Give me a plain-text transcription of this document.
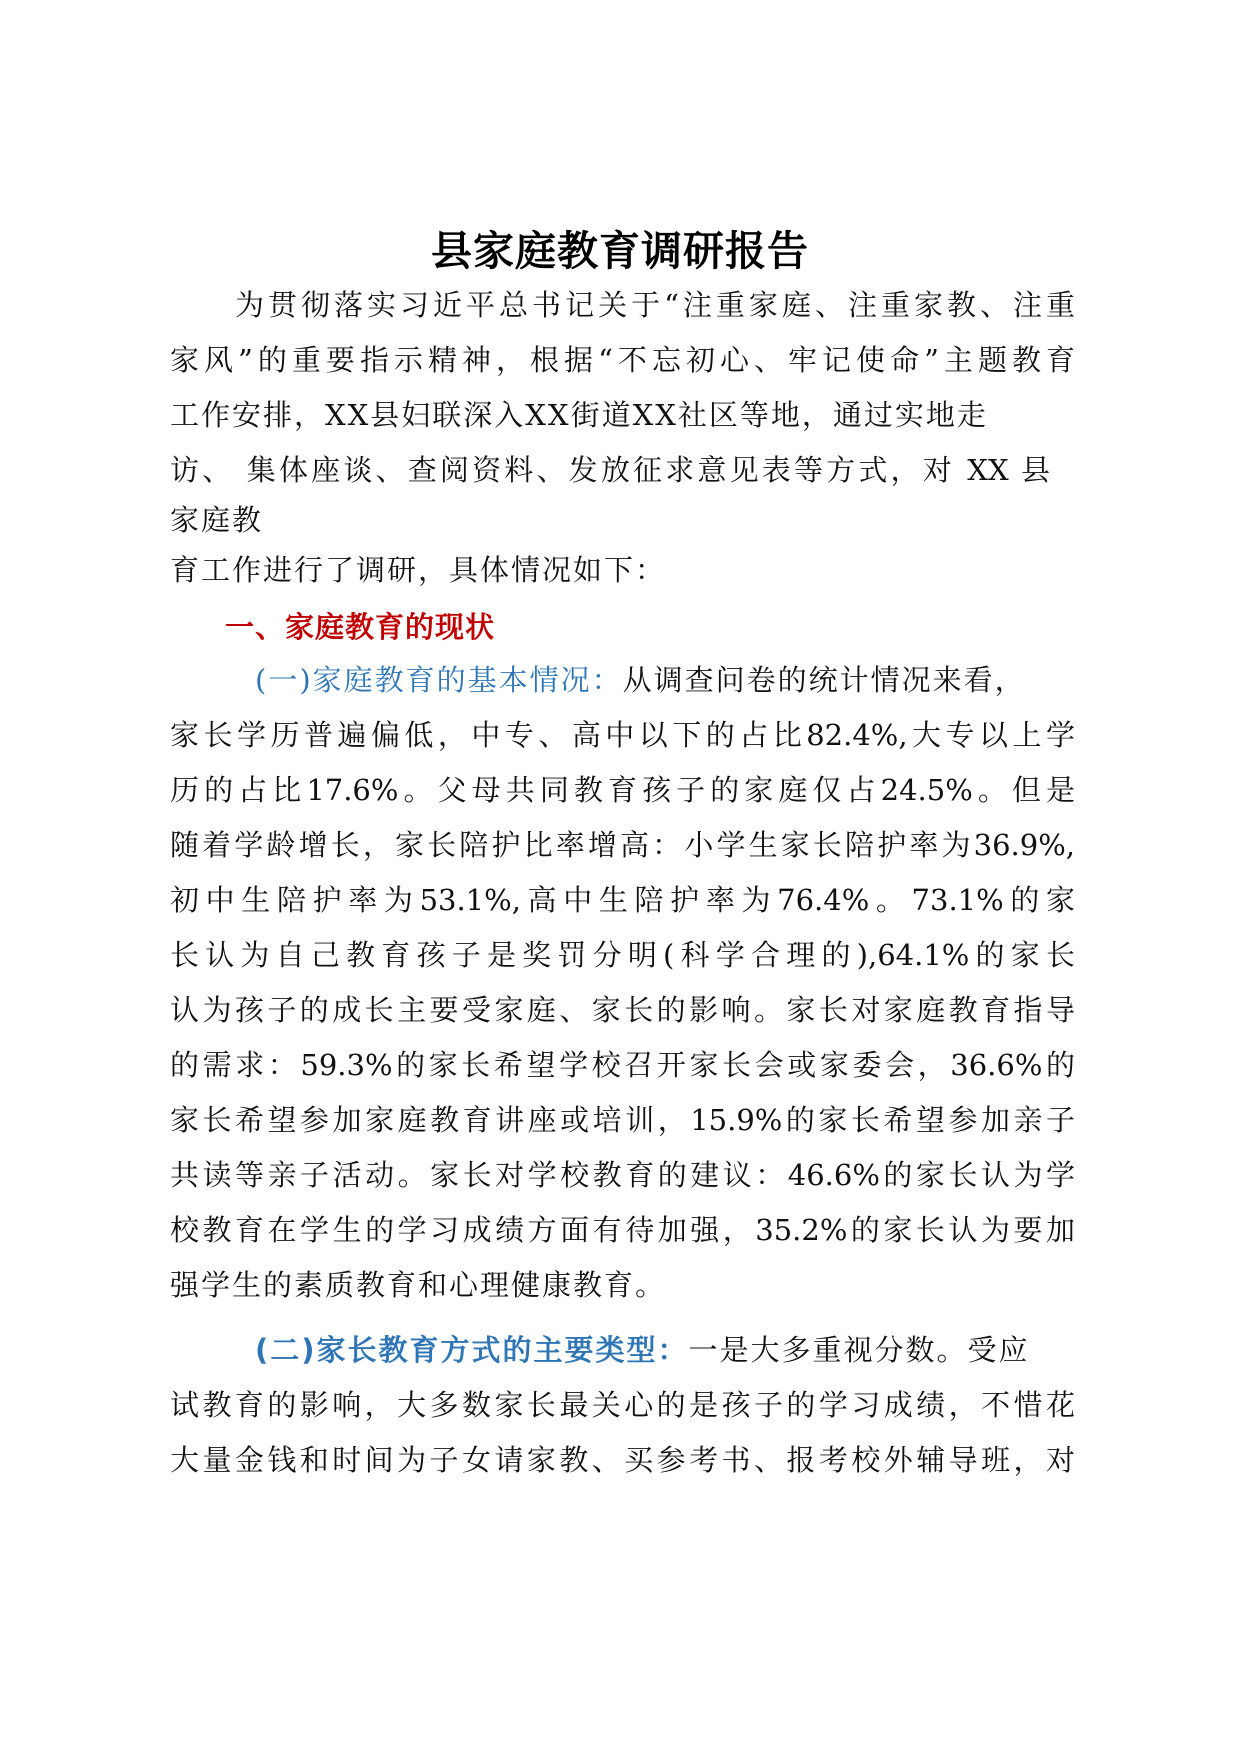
县家庭教育调研报告
为贯彻落实习近平总书记关于“注重家庭、注重家教、注重
家风”的重要指示精神，根据“不忘初心、牢记使命”主题教育
工作安排，XX县妇联深入XX街道XX社区等地，通过实地走
访、 集体座谈、查阅资料、发放征求意见表等方式，对 XX 县
家庭教
育工作进行了调研，具体情况如下：
一、家庭教育的现状
(一)家庭教育的基本情况：从调查问卷的统计情况来看，
家长学历普遍偏低，中专、高中以下的占比82.4%,大专以上学
历的占比17.6%。父母共同教育孩子的家庭仅占24.5%。但是
随着学龄增长，家长陪护比率增高：小学生家长陪护率为36.9%,
初中生陪护率为53.1%,高中生陪护率为76.4%。73.1%的家
长认为自己教育孩子是奖罚分明(科学合理的),64.1%的家长
认为孩子的成长主要受家庭、家长的影响。家长对家庭教育指导
的需求：59.3%的家长希望学校召开家长会或家委会，36.6%的
家长希望参加家庭教育讲座或培训，15.9%的家长希望参加亲子
共读等亲子活动。家长对学校教育的建议：46.6%的家长认为学
校教育在学生的学习成绩方面有待加强，35.2%的家长认为要加
强学生的素质教育和心理健康教育。
(二)家长教育方式的主要类型：一是大多重视分数。受应
试教育的影响，大多数家长最关心的是孩子的学习成绩，不惜花
大量金钱和时间为子女请家教、买参考书、报考校外辅导班，对
